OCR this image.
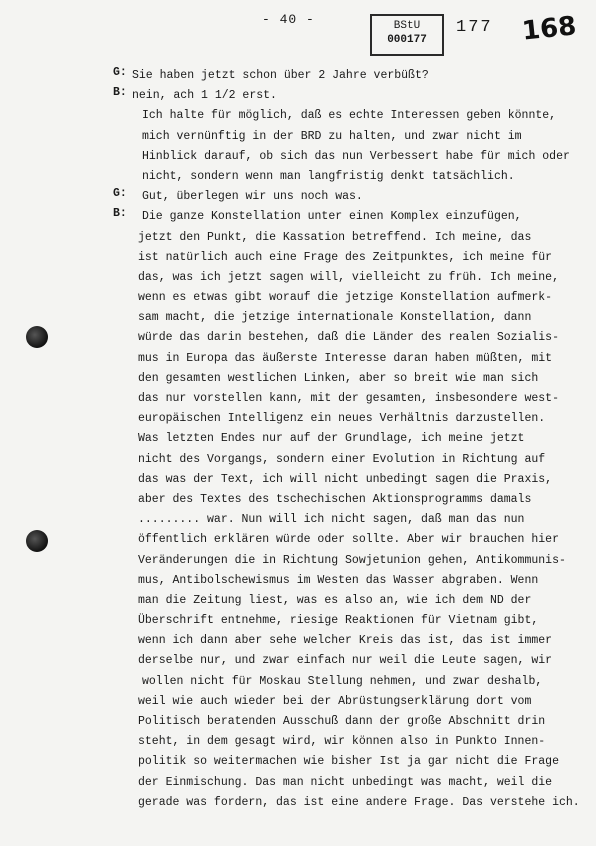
- 40 -	BStU
000177
177 168
G:
B:
G:
B:
Sie haben jetzt schon über 2 Jahre verbüßt?
nein, ach 1 1/2 erst.
Ich halte für möglich, daß es echte Interessen geben könnte,
mich vernünftig in der BRD zu halten, und zwar nicht im
Hinblick darauf, ob sich das nun Verbessert habe für mich oder
nicht, sondern wenn man langfristig denkt tatsächlich.
Gut, überlegen wir uns noch was.
Die ganze Konstellation unter einen Komplex einzufügen,
jetzt den Punkt, die Kassation betreffend. Ich meine, das
ist natürlich auch eine Frage des Zeitpunktes, ich meine für
das, was ich jetzt sagen will, vielleicht zu früh. Ich meine,
wenn es etwas gibt worauf die jetzige Konstellation aufmerk-
sam macht, die jetzige internationale Konstellation, dann
würde das darin bestehen, daß die Länder des realen Sozialis-
mus in Europa das äußerste Interesse daran haben müßten, mit
den gesamten westlichen Linken, aber so breit wie man sich
das nur vorstellen kann, mit der gesamten, insbesondere west-
europäischen Intelligenz ein neues Verhältnis darzustellen.
Was letzten Endes nur auf der Grundlage, ich meine jetzt
nicht des Vorgangs, sondern einer Evolution in Richtung auf
das was der Text, ich will nicht unbedingt sagen die Praxis,
aber des Textes des tschechischen Aktionsprogramms damals
......... war. Nun will ich nicht sagen, daß man das nun
öffentlich erklären würde oder sollte. Aber wir brauchen hier
Veränderungen die in Richtung Sowjetunion gehen, Antikommunis-
mus, Antibolschewismus im Westen das Wasser abgraben. Wenn
man die Zeitung liest, was es also an, wie ich dem ND der
Überschrift entnehme, riesige Reaktionen für Vietnam gibt,
wenn ich dann aber sehe welcher Kreis das ist, das ist immer
derselbe nur, und zwar einfach nur weil die Leute sagen, wir
wollen nicht für Moskau Stellung nehmen, und zwar deshalb,
weil wie auch wieder bei der Abrüstungserklärung dort vom
Politisch beratenden Ausschuß dann der große Abschnitt drin
steht, in dem gesagt wird, wir können also in Punkto Innen-
politik so weitermachen wie bisher Ist ja gar nicht die Frage
der Einmischung. Das man nicht unbedingt was macht, weil die
gerade was fordern, das ist eine andere Frage. Das verstehe ich.
